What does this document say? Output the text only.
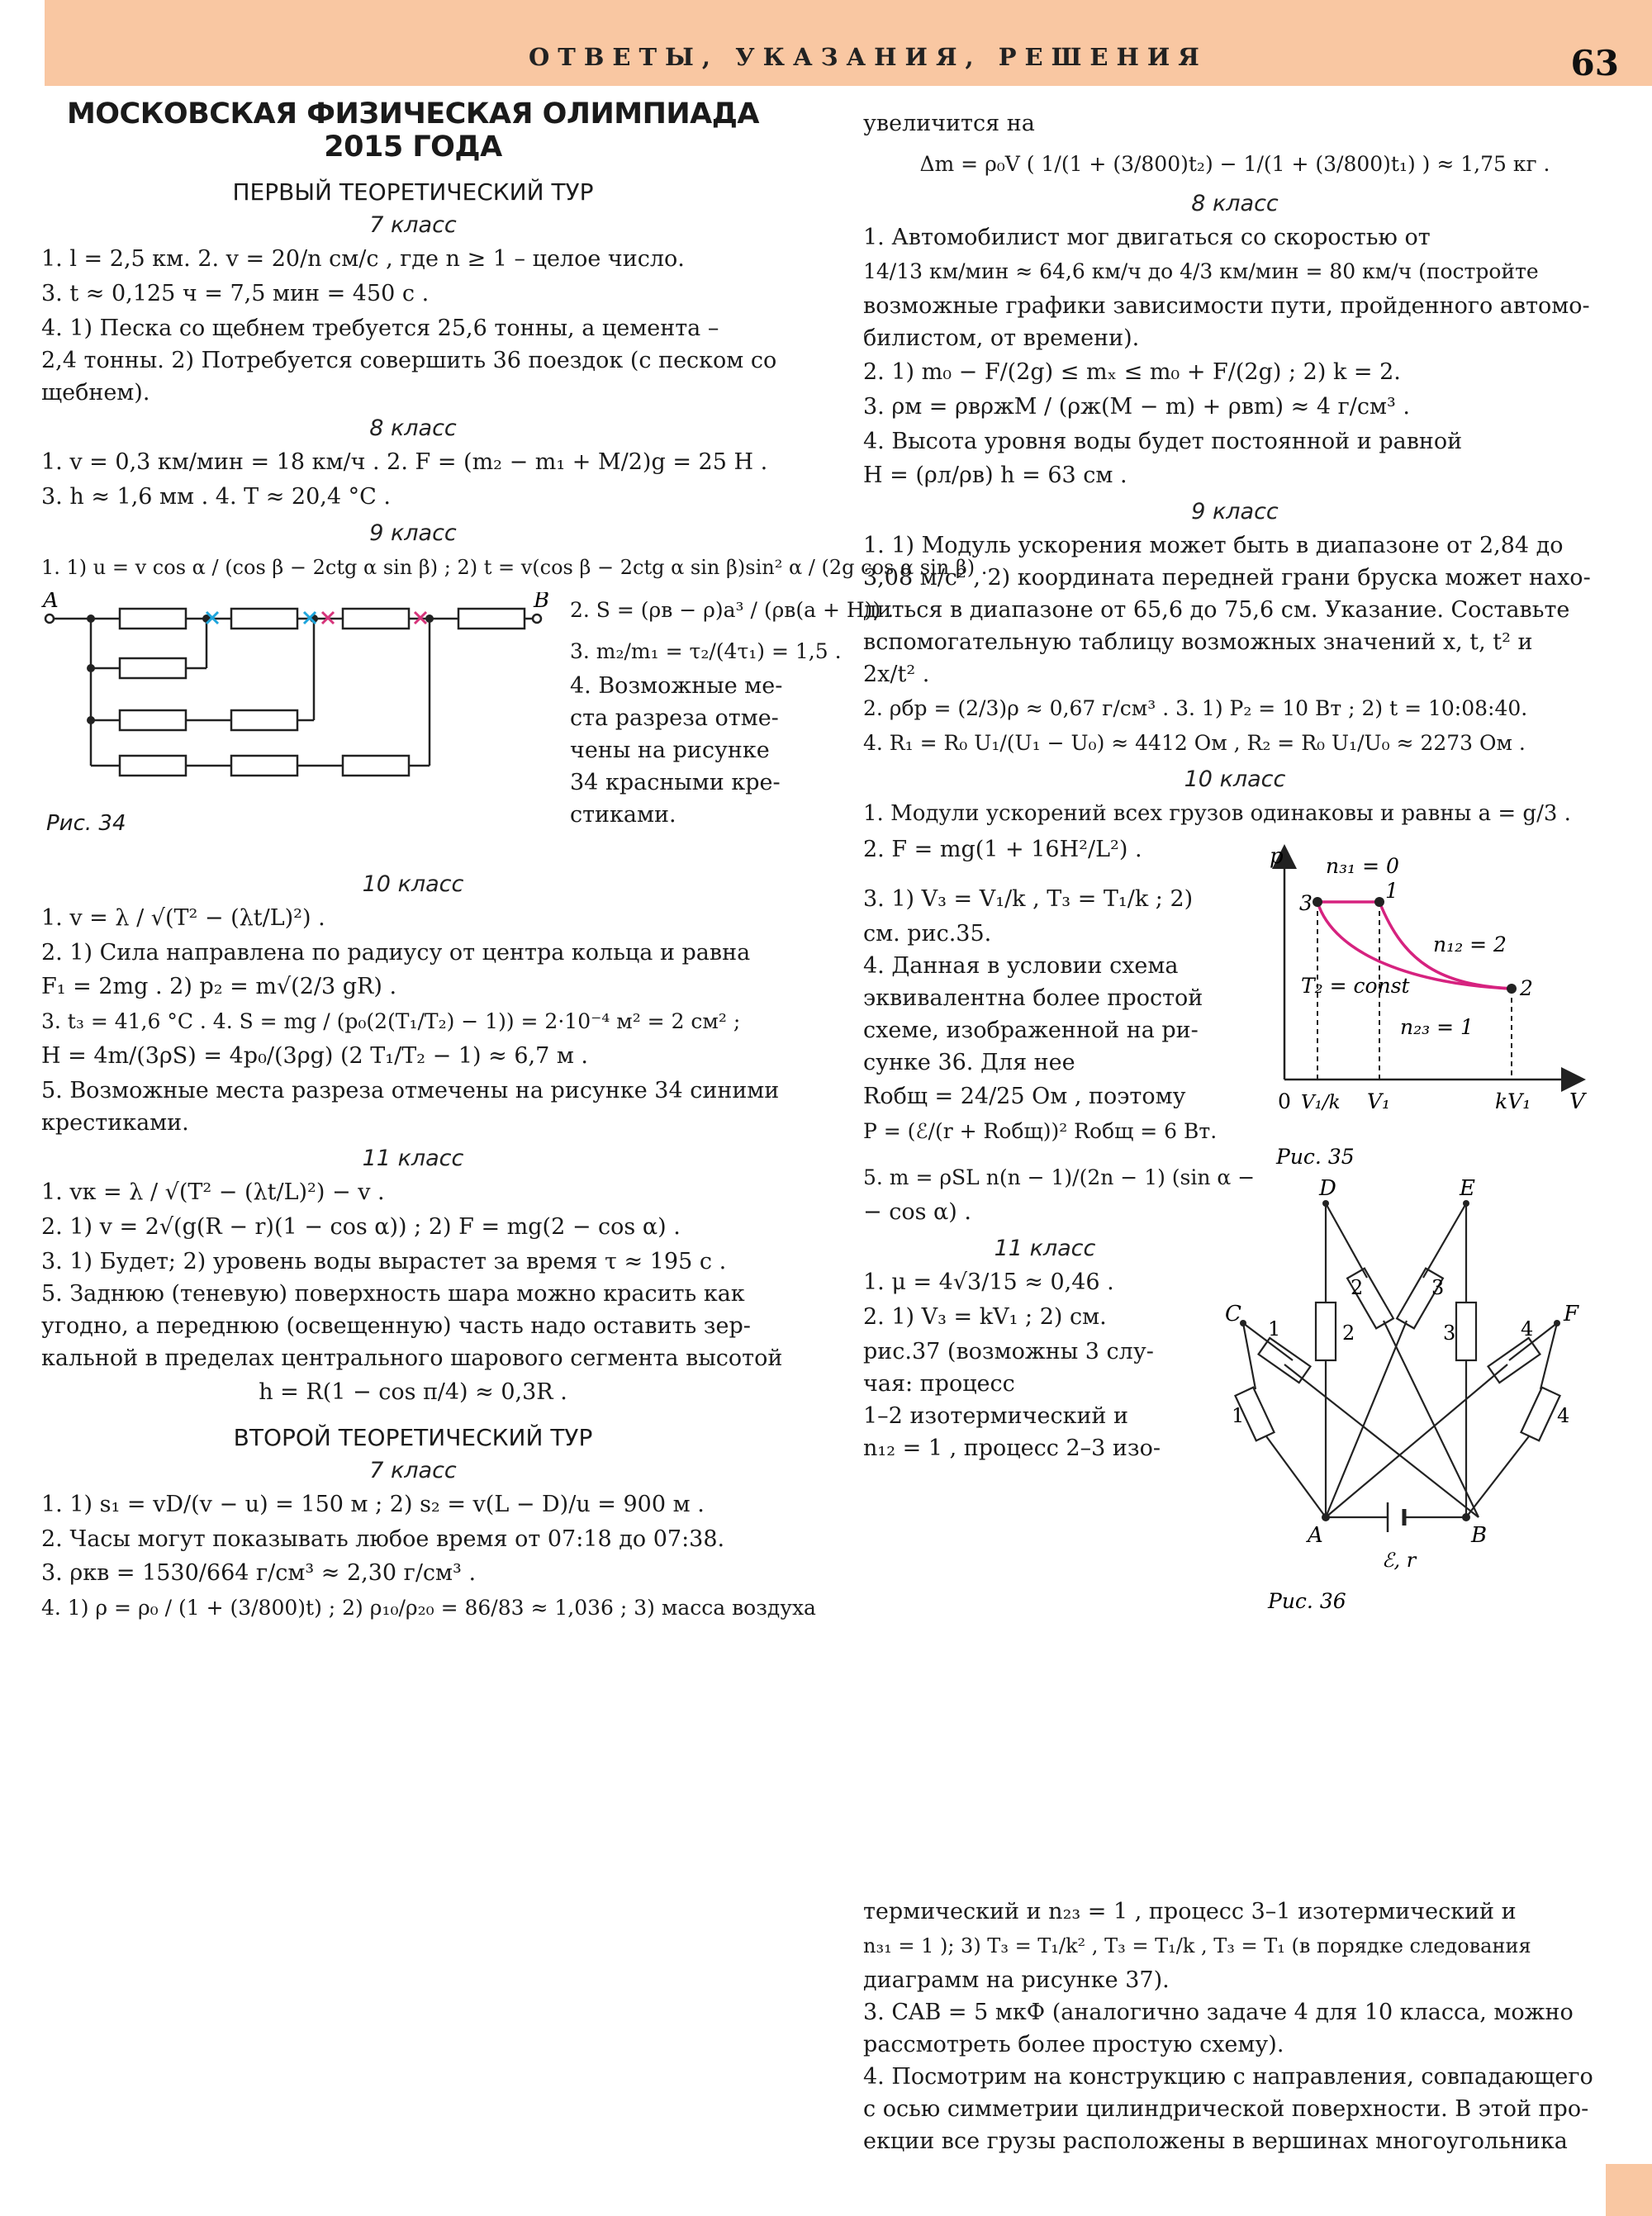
ОТВЕТЫ, УКАЗАНИЯ, РЕШЕНИЯ	63
МОСКОВСКАЯ ФИЗИЧЕСКАЯ ОЛИМПИАДА
2015 ГОДА
ПЕРВЫЙ ТЕОРЕТИЧЕСКИЙ ТУР
7 класс

1. l = 2,5 км. 2. v = 20/n см/с , где n ≥ 1 – целое число.

3. t ≈ 0,125 ч = 7,5 мин = 450 с .

4. 1) Песка со щебнем требуется 25,6 тонны, а цемента –

2,4 тонны. 2) Потребуется совершить 36 поездок (с песком со

щебнем).

8 класс

1. v = 0,3 км/мин = 18 км/ч . 2. F = (m₂ − m₁ + M/2)g = 25 Н .

3. h ≈ 1,6 мм . 4. T ≈ 20,4 °С .

9 класс

1. 1) u = v cos α / (cos β − 2ctg α sin β) ; 2) t = v(cos β − 2ctg α sin β)sin² α / (2g cos α sin β) .

A	B
Рис. 34

2. S = (ρв − ρ)a³ / (ρв(a + H)) .

3. m₂/m₁ = τ₂/(4τ₁) = 1,5 .

4. Возможные ме-

ста разреза отме-

чены на рисунке

34 красными кре-

стиками.

10 класс

1. v = λ / √(T² − (λt/L)²) .

2. 1) Сила направлена по радиусу от центра кольца и равна

F₁ = 2mg . 2) p₂ = m√(2/3 gR) .

3. t₃ = 41,6 °С . 4. S = mg / (p₀(2(T₁/T₂) − 1)) = 2·10⁻⁴ м² = 2 см² ;

H = 4m/(3ρS) = 4p₀/(3ρg) (2 T₁/T₂ − 1) ≈ 6,7 м .

5. Возможные места разреза отмечены на рисунке 34 синими

крестиками.

11 класс

1. vк = λ / √(T² − (λt/L)²) − v .

2. 1) v = 2√(g(R − r)(1 − cos α)) ; 2) F = mg(2 − cos α) .

3. 1) Будет; 2) уровень воды вырастет за время τ ≈ 195 с .

5. Заднюю (теневую) поверхность шара можно красить как

угодно, а переднюю (освещенную) часть надо оставить зер-

кальной в пределах центрального шарового сегмента высотой

h = R(1 − cos π/4) ≈ 0,3R .

ВТОРОЙ ТЕОРЕТИЧЕСКИЙ ТУР
7 класс

1. 1) s₁ = vD/(v − u) = 150 м ; 2) s₂ = v(L − D)/u = 900 м .

2. Часы могут показывать любое время от 07:18 до 07:38.

3. ρкв = 1530/664 г/см³ ≈ 2,30 г/см³ .

4. 1) ρ = ρ₀ / (1 + (3/800)t) ; 2) ρ₁₀/ρ₂₀ = 86/83 ≈ 1,036 ; 3) масса воздуха

увеличится на

Δm = ρ₀V ( 1/(1 + (3/800)t₂) − 1/(1 + (3/800)t₁) ) ≈ 1,75 кг .

8 класс

1. Автомобилист мог двигаться со скоростью от

14/13 км/мин ≈ 64,6 км/ч до 4/3 км/мин = 80 км/ч (постройте

возможные графики зависимости пути, пройденного автомо-

билистом, от времени).

2. 1) m₀ − F/(2g) ≤ mₓ ≤ m₀ + F/(2g) ; 2) k = 2.

3. ρм = ρвρжM / (ρж(M − m) + ρвm) ≈ 4 г/см³ .

4. Высота уровня воды будет постоянной и равной

H = (ρл/ρв) h = 63 см .

9 класс

1. 1) Модуль ускорения может быть в диапазоне от 2,84 до

3,08 м/с² , 2) координата передней грани бруска может нахо-

диться в диапазоне от 65,6 до 75,6 см. Указание. Составьте

вспомогательную таблицу возможных значений x, t, t² и

2x/t² .

2. ρбр = (2/3)ρ ≈ 0,67 г/см³ . 3. 1) P₂ = 10 Вт ; 2) t = 10:08:40.

4. R₁ = R₀ U₁/(U₁ − U₀) ≈ 4412 Ом , R₂ = R₀ U₁/U₀ ≈ 2273 Ом .

10 класс

1. Модули ускорений всех грузов одинаковы и равны a = g/3 .

2. F = mg(1 + 16H²/L²) .

3. 1) V₃ = V₁/k , T₃ = T₁/k ; 2)

см. рис.35.

4. Данная в условии схема

эквивалентна более простой

схеме, изображенной на ри-

сунке 36. Для нее

Rобщ = 24/25 Ом , поэтому

P = (ℰ/(r + Rобщ))² Rобщ = 6 Вт.

5. m = ρSL n(n − 1)/(2n − 1) (sin α −

− cos α) .

11 класс

1. μ = 4√3/15 ≈ 0,46 .

2. 1) V₃ = kV₁ ; 2) см.

рис.37 (возможны 3 слу-

чая: процесс

1–2 изотермический и

n₁₂ = 1 , процесс 2–3 изо-

p n₃₁ = 0
3
1
n₁₂ = 2
T₂ = const	2
n₂₃ = 1
0 V₁/k V₁	kV₁ V
Рис. 35
D	E
C	F
A	B
2
2	3
3
1
1
4
4
ℰ, r
Рис. 36

термический и n₂₃ = 1 , процесс 3–1 изотермический и

n₃₁ = 1 ); 3) T₃ = T₁/k² , T₃ = T₁/k , T₃ = T₁ (в порядке следования

диаграмм на рисунке 37).

3. CAB = 5 мкФ (аналогично задаче 4 для 10 класса, можно

рассмотреть более простую схему).

4. Посмотрим на конструкцию с направления, совпадающего

с осью симметрии цилиндрической поверхности. В этой про-

екции все грузы расположены в вершинах многоугольника
